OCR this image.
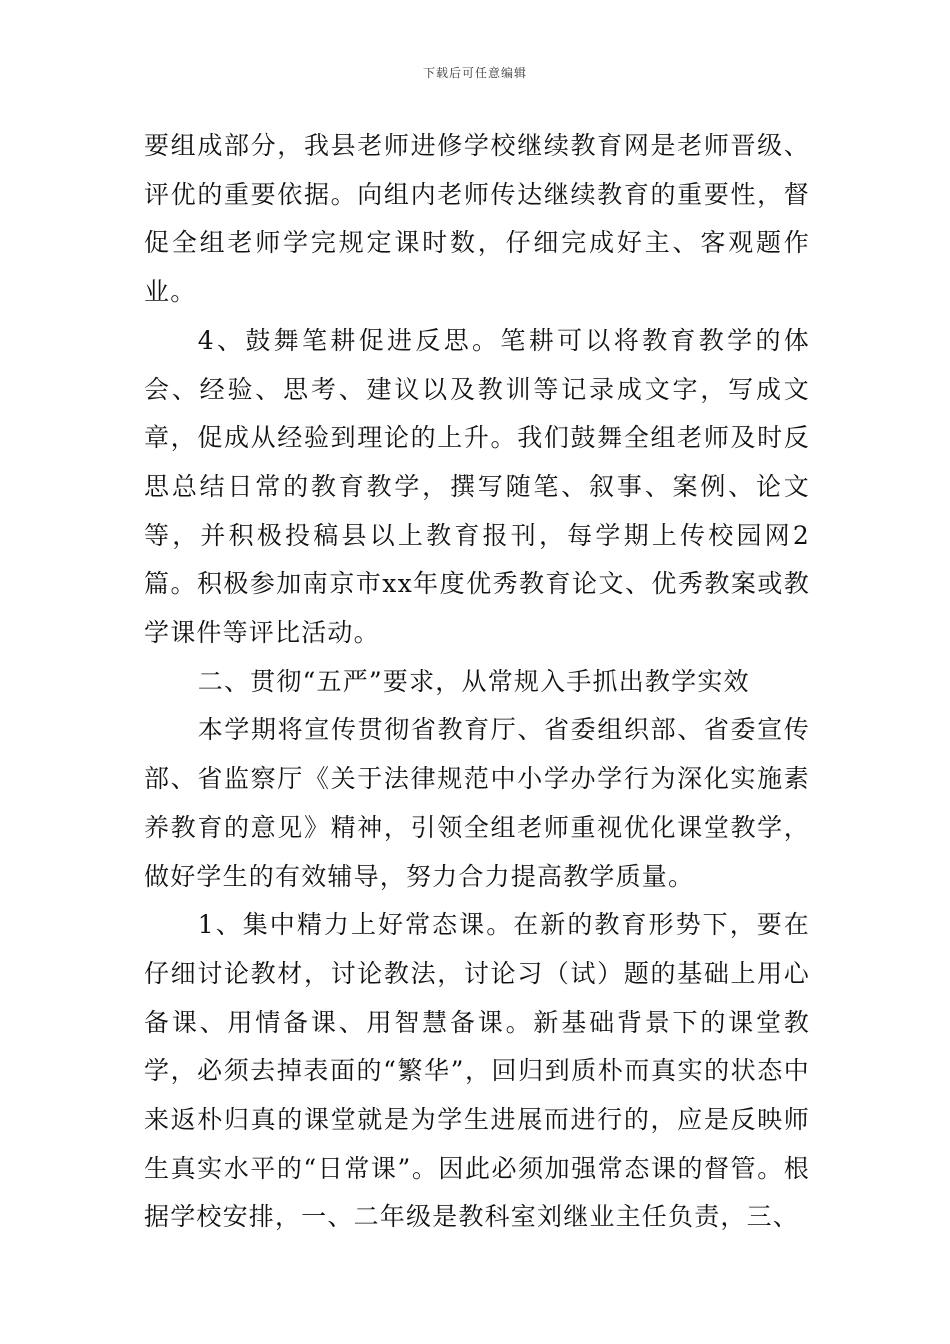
下载后可任意编辑

要组成部分，我县老师进修学校继续教育网是老师晋级、评优的重要依据。向组内老师传达继续教育的重要性，督促全组老师学完规定课时数，仔细完成好主、客观题作业。

4、鼓舞笔耕促进反思。笔耕可以将教育教学的体会、经验、思考、建议以及教训等记录成文字，写成文章，促成从经验到理论的上升。我们鼓舞全组老师及时反思总结日常的教育教学，撰写随笔、叙事、案例、论文等，并积极投稿县以上教育报刊，每学期上传校园网2篇。积极参加南京市xx年度优秀教育论文、优秀教案或教学课件等评比活动。

二、贯彻“五严”要求，从常规入手抓出教学实效

本学期将宣传贯彻省教育厅、省委组织部、省委宣传部、省监察厅《关于法律规范中小学办学行为深化实施素养教育的意见》精神，引领全组老师重视优化课堂教学，做好学生的有效辅导，努力合力提高教学质量。

1、集中精力上好常态课。在新的教育形势下，要在仔细讨论教材，讨论教法，讨论习（试）题的基础上用心备课、用情备课、用智慧备课。新基础背景下的课堂教学，必须去掉表面的“繁华”，回归到质朴而真实的状态中来返朴归真的课堂就是为学生进展而进行的，应是反映师生真实水平的“日常课”。因此必须加强常态课的督管。根据学校安排，一、二年级是教科室刘继业主任负责，三、
